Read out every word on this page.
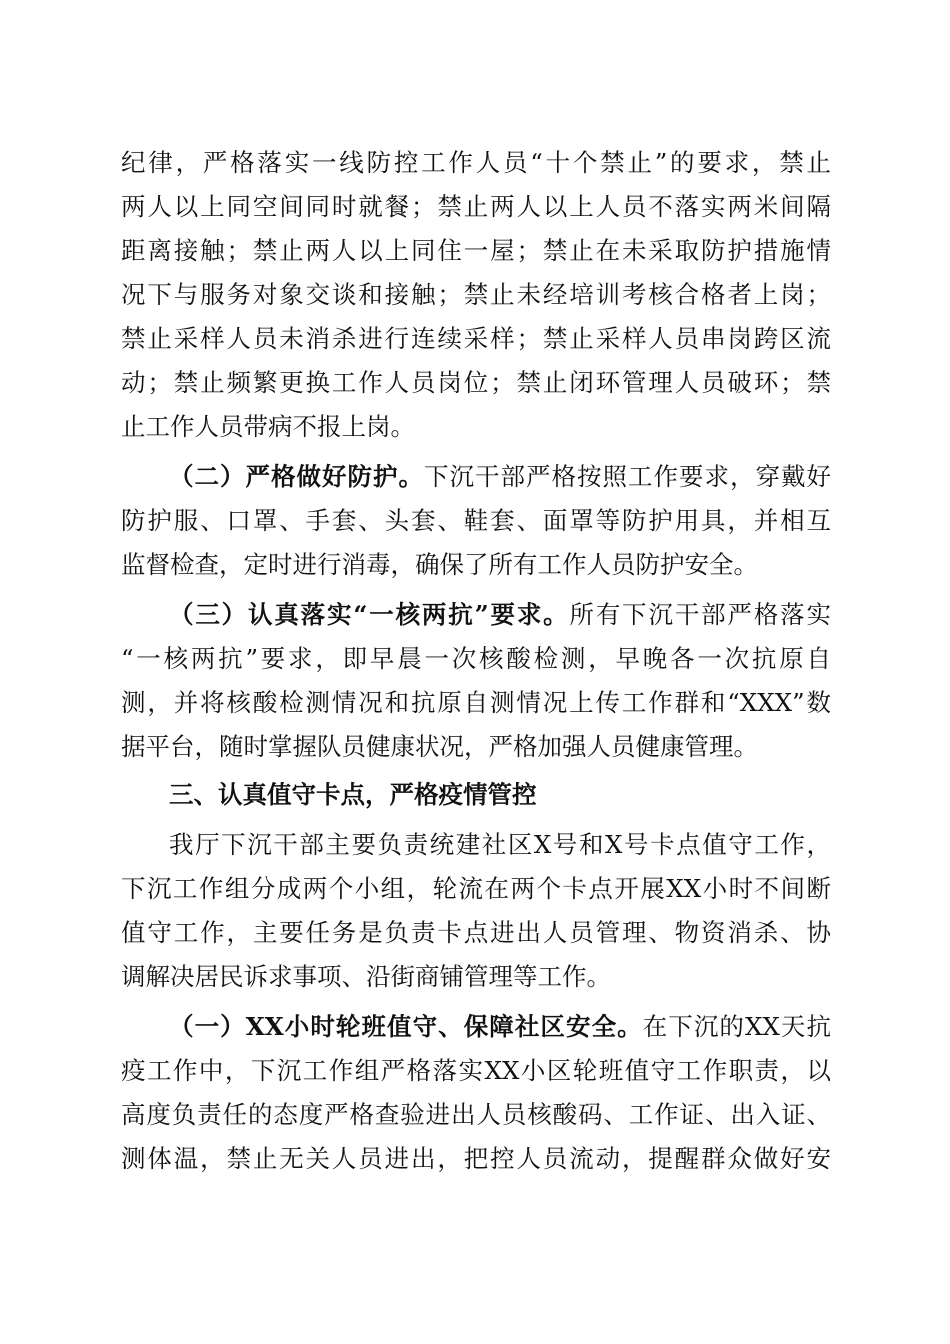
纪律，严格落实一线防控工作人员“十个禁止”的要求，禁止
两人以上同空间同时就餐；禁止两人以上人员不落实两米间隔
距离接触；禁止两人以上同住一屋；禁止在未采取防护措施情
况下与服务对象交谈和接触；禁止未经培训考核合格者上岗；
禁止采样人员未消杀进行连续采样；禁止采样人员串岗跨区流
动；禁止频繁更换工作人员岗位；禁止闭环管理人员破环；禁
止工作人员带病不报上岗。
（二）严格做好防护。下沉干部严格按照工作要求，穿戴好
防护服、口罩、手套、头套、鞋套、面罩等防护用具，并相互
监督检查，定时进行消毒，确保了所有工作人员防护安全。
（三）认真落实“一核两抗”要求。所有下沉干部严格落实
“一核两抗”要求，即早晨一次核酸检测，早晚各一次抗原自
测，并将核酸检测情况和抗原自测情况上传工作群和“XXX”数
据平台，随时掌握队员健康状况，严格加强人员健康管理。
三、认真值守卡点，严格疫情管控
我厅下沉干部主要负责统建社区X号和X号卡点值守工作，
下沉工作组分成两个小组，轮流在两个卡点开展XX小时不间断
值守工作，主要任务是负责卡点进出人员管理、物资消杀、协
调解决居民诉求事项、沿街商铺管理等工作。
（一）XX小时轮班值守、保障社区安全。在下沉的XX天抗
疫工作中，下沉工作组严格落实XX小区轮班值守工作职责，以
高度负责任的态度严格查验进出人员核酸码、工作证、出入证、
测体温，禁止无关人员进出，把控人员流动，提醒群众做好安
